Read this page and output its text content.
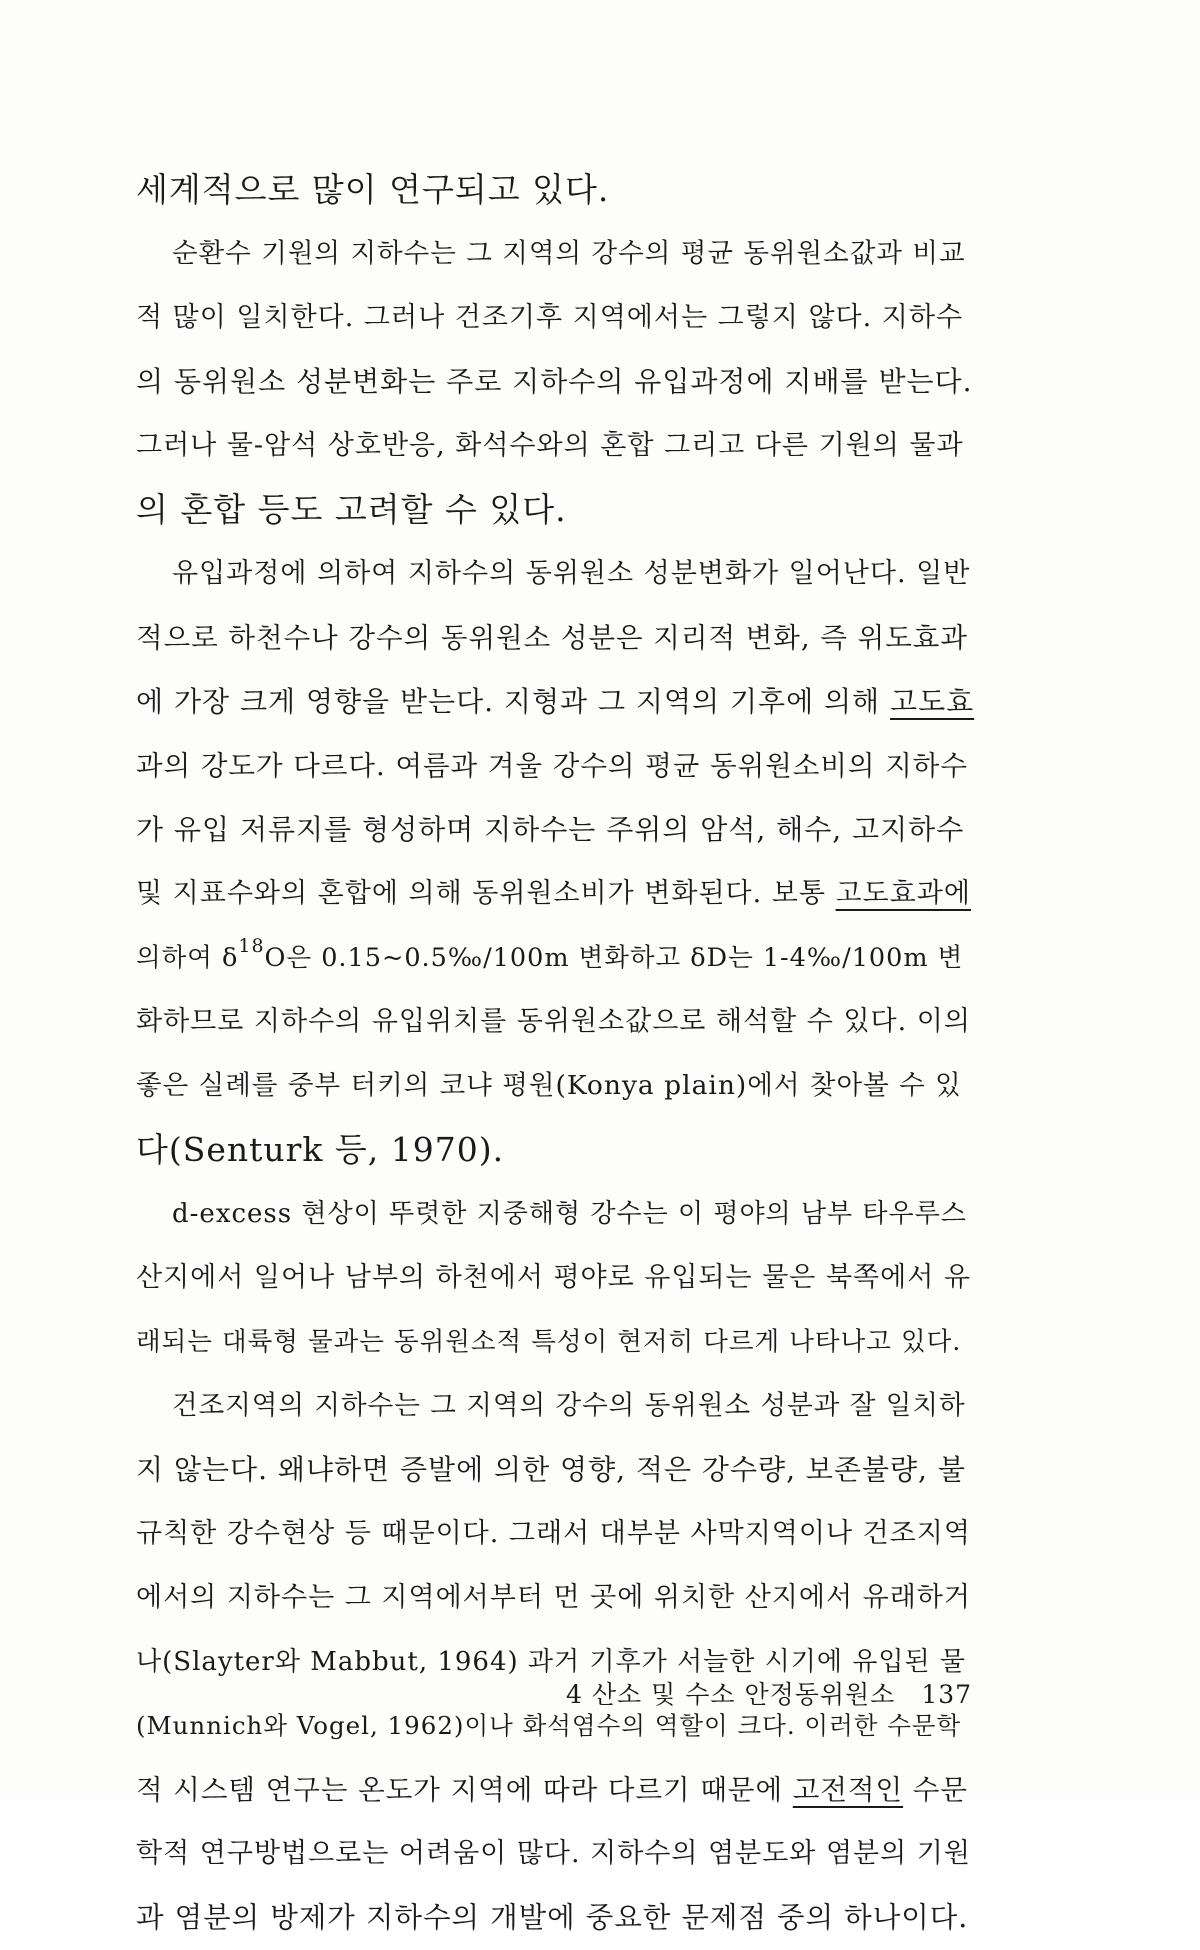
세계적으로 많이 연구되고 있다.
순환수 기원의 지하수는 그 지역의 강수의 평균 동위원소값과 비교
적 많이 일치한다. 그러나 건조기후 지역에서는 그렇지 않다. 지하수
의 동위원소 성분변화는 주로 지하수의 유입과정에 지배를 받는다.
그러나 물-암석 상호반응, 화석수와의 혼합 그리고 다른 기원의 물과
의 혼합 등도 고려할 수 있다.
유입과정에 의하여 지하수의 동위원소 성분변화가 일어난다. 일반
적으로 하천수나 강수의 동위원소 성분은 지리적 변화, 즉 위도효과
에 가장 크게 영향을 받는다. 지형과 그 지역의 기후에 의해 고도효
과의 강도가 다르다. 여름과 겨울 강수의 평균 동위원소비의 지하수
가 유입 저류지를 형성하며 지하수는 주위의 암석, 해수, 고지하수
및 지표수와의 혼합에 의해 동위원소비가 변화된다. 보통 고도효과에
의하여 $\delta^{18}O$은 0.15~0.5‰/100m 변화하고 δD는 1-4‰/100m 변
화하므로 지하수의 유입위치를 동위원소값으로 해석할 수 있다. 이의
좋은 실례를 중부 터키의 코냐 평원(Konya plain)에서 찾아볼 수 있
다(Senturk 등, 1970).
d-excess 현상이 뚜렷한 지중해형 강수는 이 평야의 남부 타우루스
산지에서 일어나 남부의 하천에서 평야로 유입되는 물은 북쪽에서 유
래되는 대륙형 물과는 동위원소적 특성이 현저히 다르게 나타나고 있다.
건조지역의 지하수는 그 지역의 강수의 동위원소 성분과 잘 일치하
지 않는다. 왜냐하면 증발에 의한 영향, 적은 강수량, 보존불량, 불
규칙한 강수현상 등 때문이다. 그래서 대부분 사막지역이나 건조지역
에서의 지하수는 그 지역에서부터 먼 곳에 위치한 산지에서 유래하거
나(Slayter와 Mabbut, 1964) 과거 기후가 서늘한 시기에 유입된 물
(Munnich와 Vogel, 1962)이나 화석염수의 역할이 크다. 이러한 수문학
적 시스템 연구는 온도가 지역에 따라 다르기 때문에 고전적인 수문
학적 연구방법으로는 어려움이 많다. 지하수의 염분도와 염분의 기원
과 염분의 방제가 지하수의 개발에 중요한 문제점 중의 하나이다.
4 산소 및 수소 안정동위원소 137
